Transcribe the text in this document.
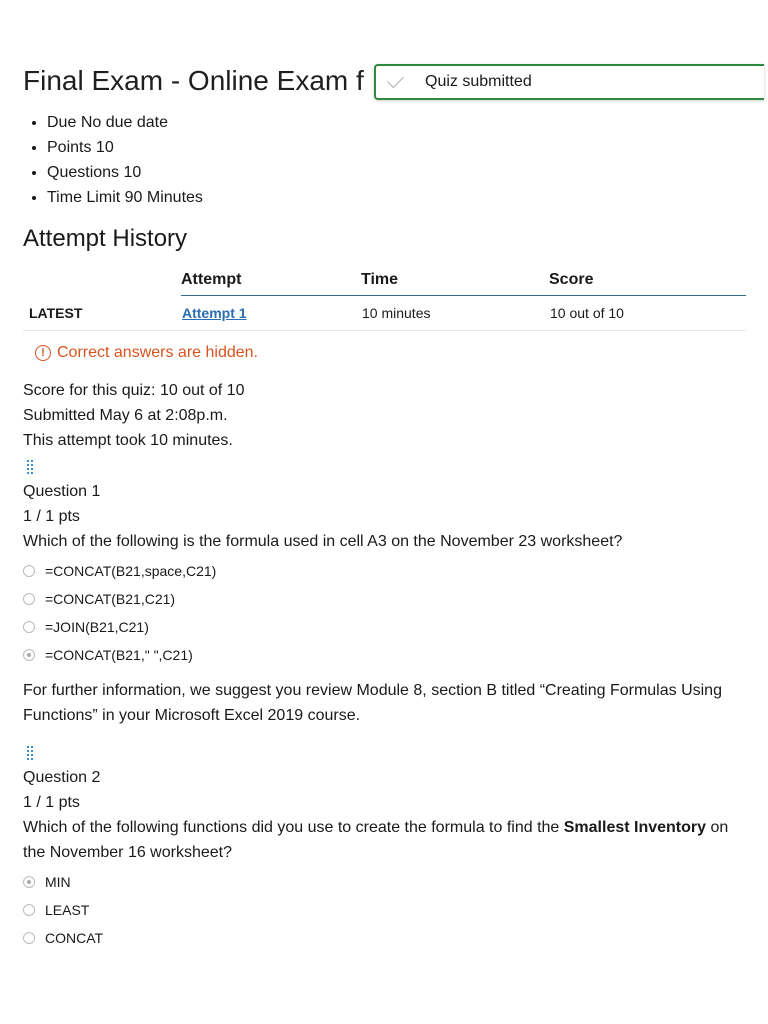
Final Exam - Online Exam f	Quiz submitted
• Due No due date
• Points 10
• Questions 10
• Time Limit 90 Minutes
Attempt History
	Attempt	Time	Score
LATEST	Attempt 1	10 minutes	10 out of 10
! Correct answers are hidden.
Score for this quiz: 10 out of 10
Submitted May 6 at 2:08p.m.
This attempt took 10 minutes.
Question 1
1 / 1 pts
Which of the following is the formula used in cell A3 on the November 23 worksheet?
=CONCAT(B21,space,C21)
=CONCAT(B21,C21)
=JOIN(B21,C21)
=CONCAT(B21," ",C21)
For further information, we suggest you review Module 8, section B titled “Creating Formulas Using Functions” in your Microsoft Excel 2019 course.
Question 2
1 / 1 pts
Which of the following functions did you use to create the formula to find the Smallest Inventory on the November 16 worksheet?
MIN
LEAST
CONCAT
